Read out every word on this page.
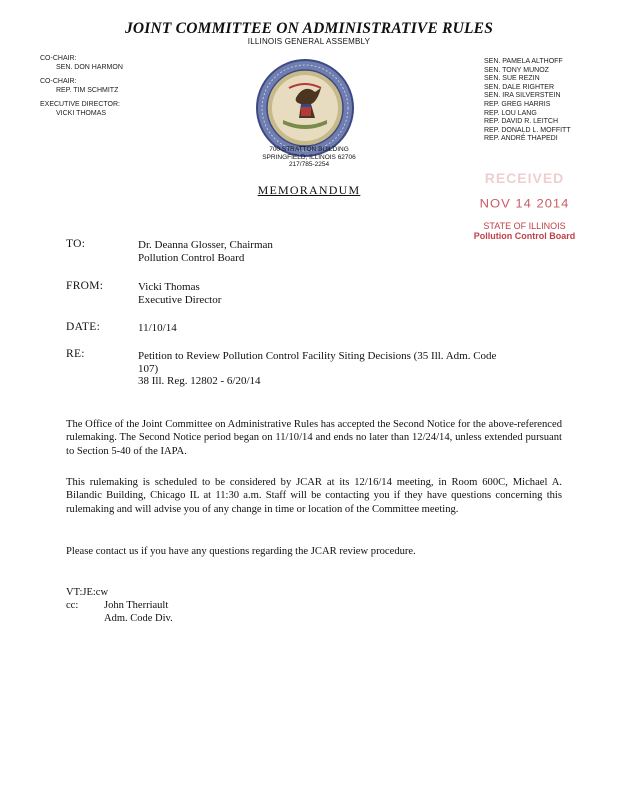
JOINT COMMITTEE ON ADMINISTRATIVE RULES
ILLINOIS GENERAL ASSEMBLY
CO-CHAIR:
SEN. DON HARMON
CO-CHAIR:
REP. TIM SCHMITZ
EXECUTIVE DIRECTOR:
VICKI THOMAS
SEN. PAMELA ALTHOFF
SEN. TONY MUNOZ
SEN. SUE REZIN
SEN. DALE RIGHTER
SEN. IRA SILVERSTEIN
REP. GREG HARRIS
REP. LOU LANG
REP. DAVID R. LEITCH
REP. DONALD L. MOFFITT
REP. ANDRÉ THAPEDI
700 STRATTON BUILDING
SPRINGFIELD, ILLINOIS 62706
217/785-2254
MEMORANDUM
RECEIVED
NOV 14 2014
STATE OF ILLINOIS
Pollution Control Board
TO:	Dr. Deanna Glosser, Chairman
Pollution Control Board
FROM:	Vicki Thomas
Executive Director
DATE:	11/10/14
RE:	Petition to Review Pollution Control Facility Siting Decisions (35 Ill. Adm. Code
107)
38 Ill. Reg. 12802 - 6/20/14
The Office of the Joint Committee on Administrative Rules has accepted the Second Notice for the above-referenced rulemaking. The Second Notice period began on 11/10/14 and ends no later than 12/24/14, unless extended pursuant to Section 5-40 of the IAPA.
This rulemaking is scheduled to be considered by JCAR at its 12/16/14 meeting, in Room 600C, Michael A. Bilandic Building, Chicago IL at 11:30 a.m. Staff will be contacting you if they have questions concerning this rulemaking and will advise you of any change in time or location of the Committee meeting.
Please contact us if you have any questions regarding the JCAR review procedure.
VT:JE:cw
cc: John Therriault
Adm. Code Div.
